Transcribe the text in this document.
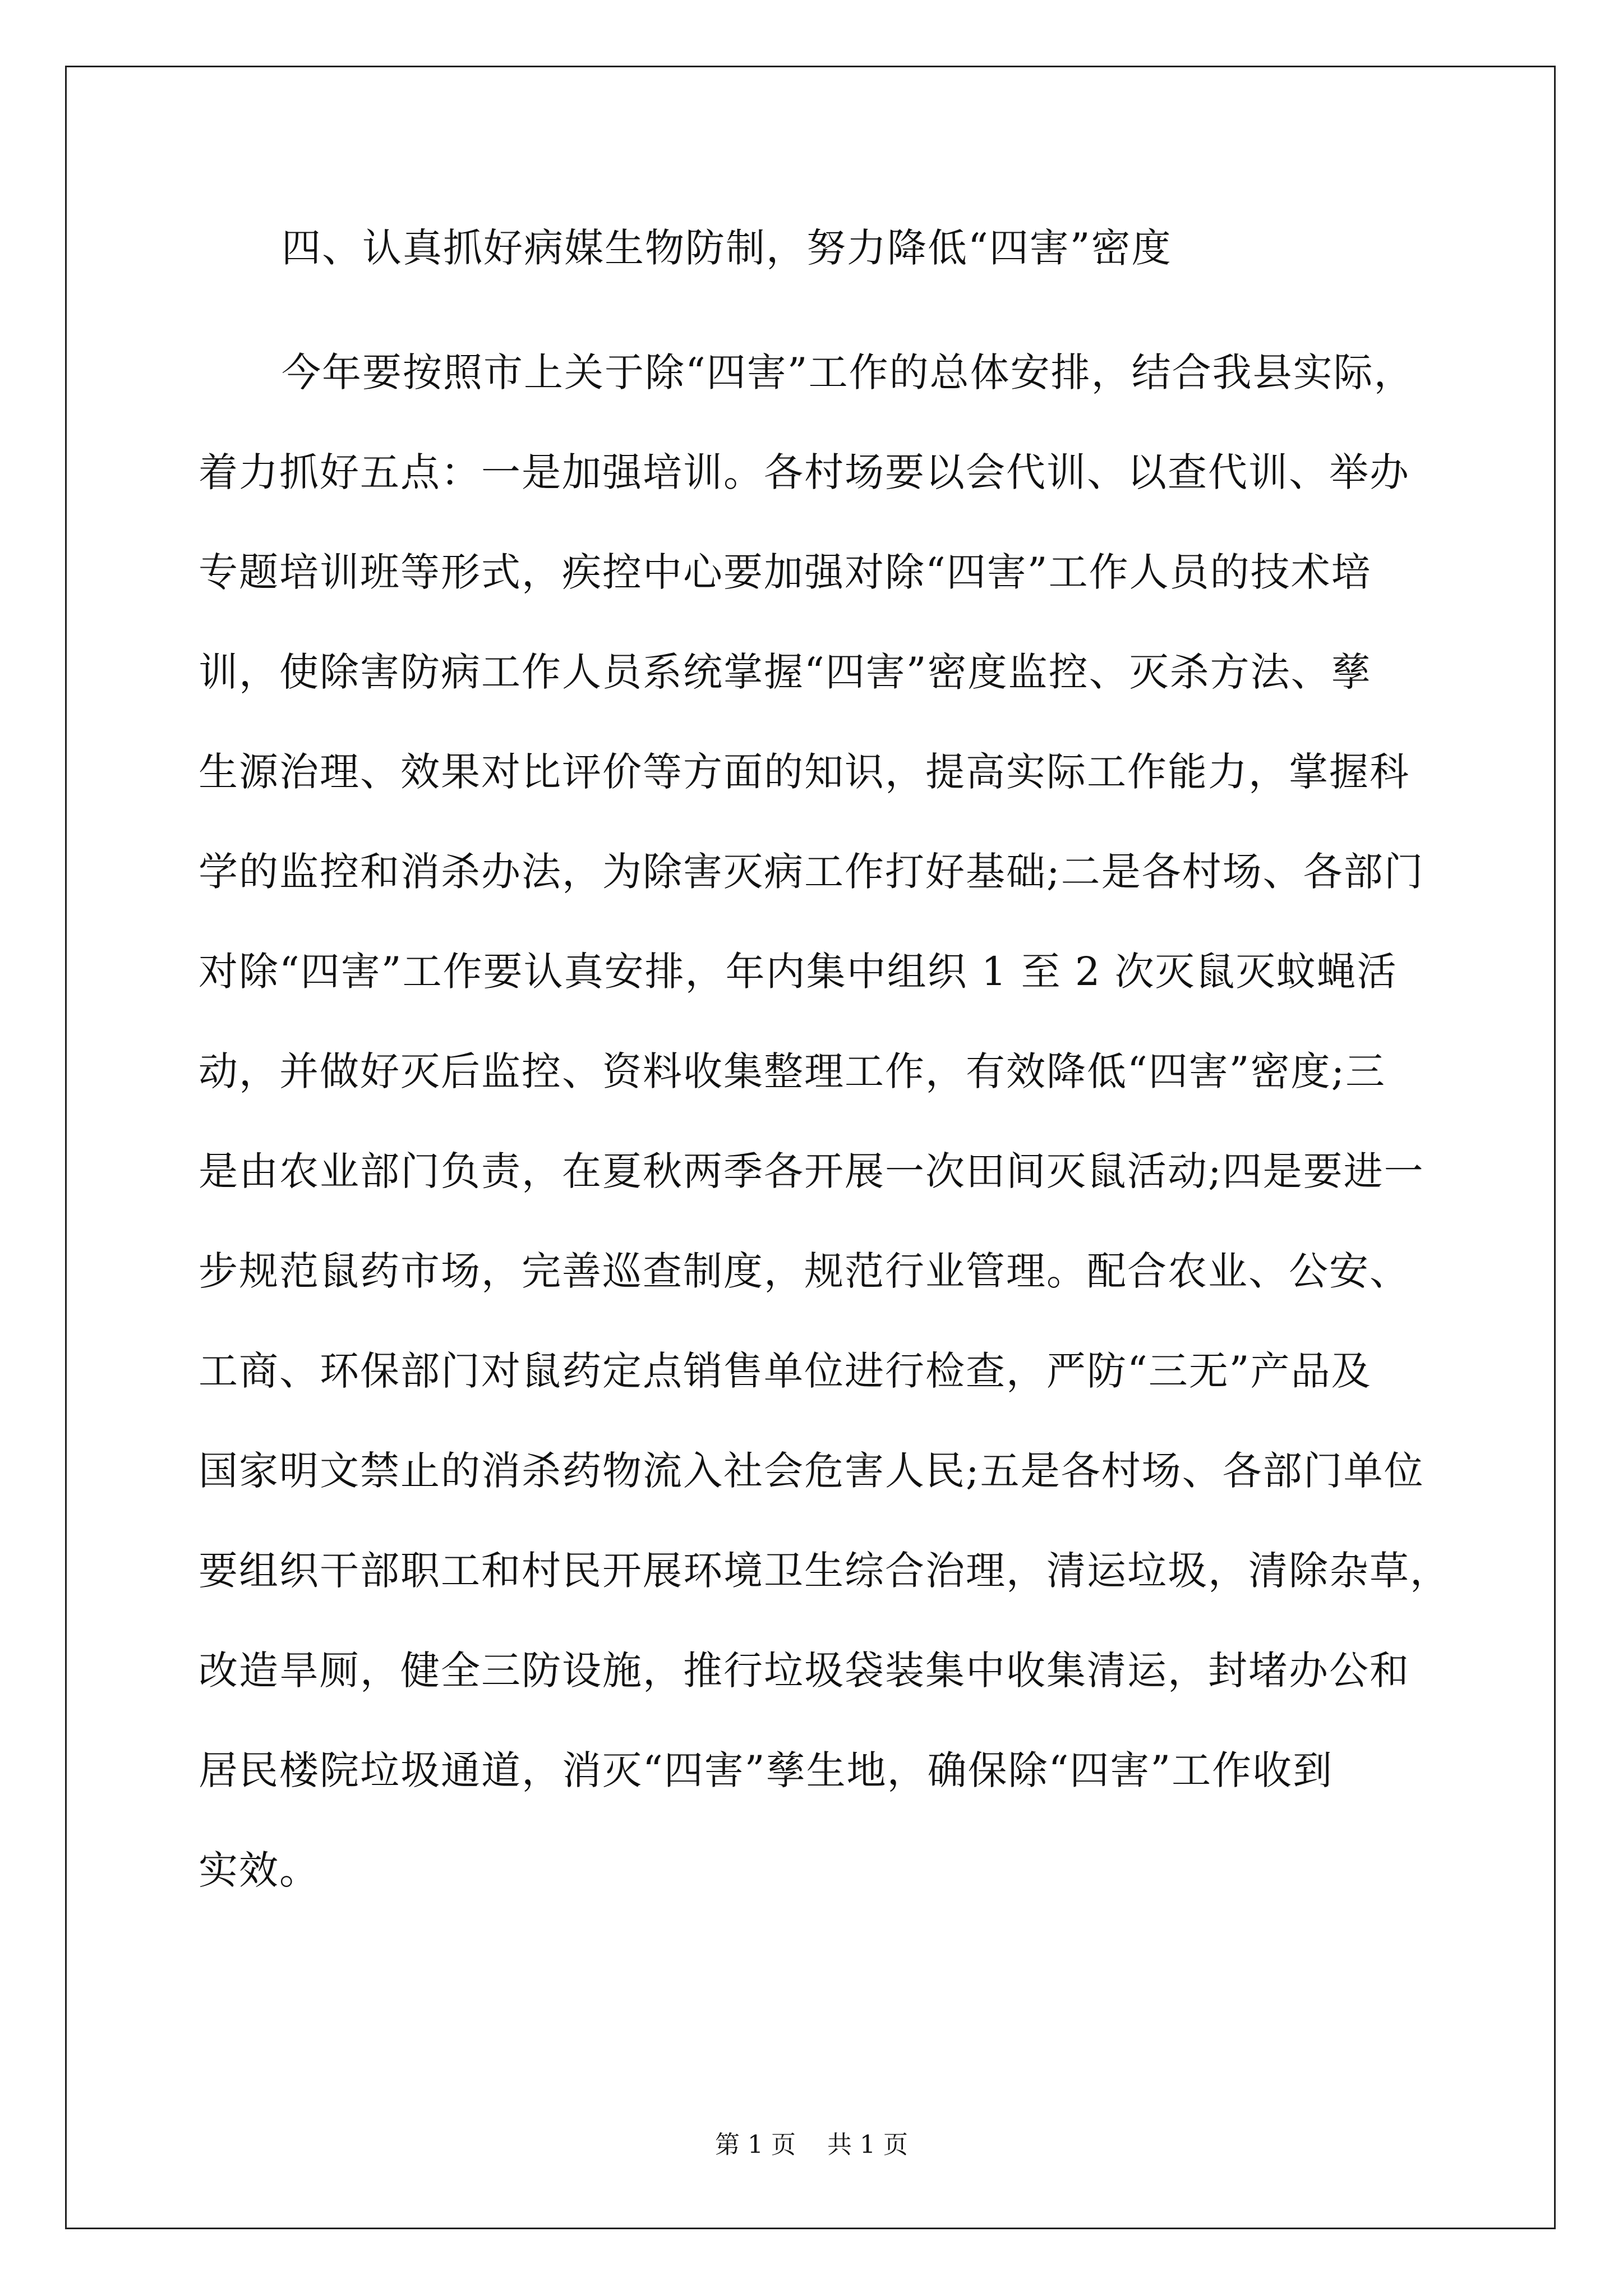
四、认真抓好病媒生物防制，努力降低“四害”密度

今年要按照市上关于除“四害”工作的总体安排，结合我县实际，
着力抓好五点：一是加强培训。各村场要以会代训、以查代训、举办
专题培训班等形式，疾控中心要加强对除“四害”工作人员的技术培
训，使除害防病工作人员系统掌握“四害”密度监控、灭杀方法、孳
生源治理、效果对比评价等方面的知识，提高实际工作能力，掌握科
学的监控和消杀办法，为除害灭病工作打好基础;二是各村场、各部门
对除“四害”工作要认真安排，年内集中组织 1 至 2 次灭鼠灭蚊蝇活
动，并做好灭后监控、资料收集整理工作，有效降低“四害”密度;三
是由农业部门负责，在夏秋两季各开展一次田间灭鼠活动;四是要进一
步规范鼠药市场，完善巡查制度，规范行业管理。配合农业、公安、
工商、环保部门对鼠药定点销售单位进行检查，严防“三无”产品及
国家明文禁止的消杀药物流入社会危害人民;五是各村场、各部门单位
要组织干部职工和村民开展环境卫生综合治理，清运垃圾，清除杂草，
改造旱厕，健全三防设施，推行垃圾袋装集中收集清运，封堵办公和
居民楼院垃圾通道，消灭“四害”孳生地，确保除“四害”工作收到
实效。

第 1 页 共 1 页
